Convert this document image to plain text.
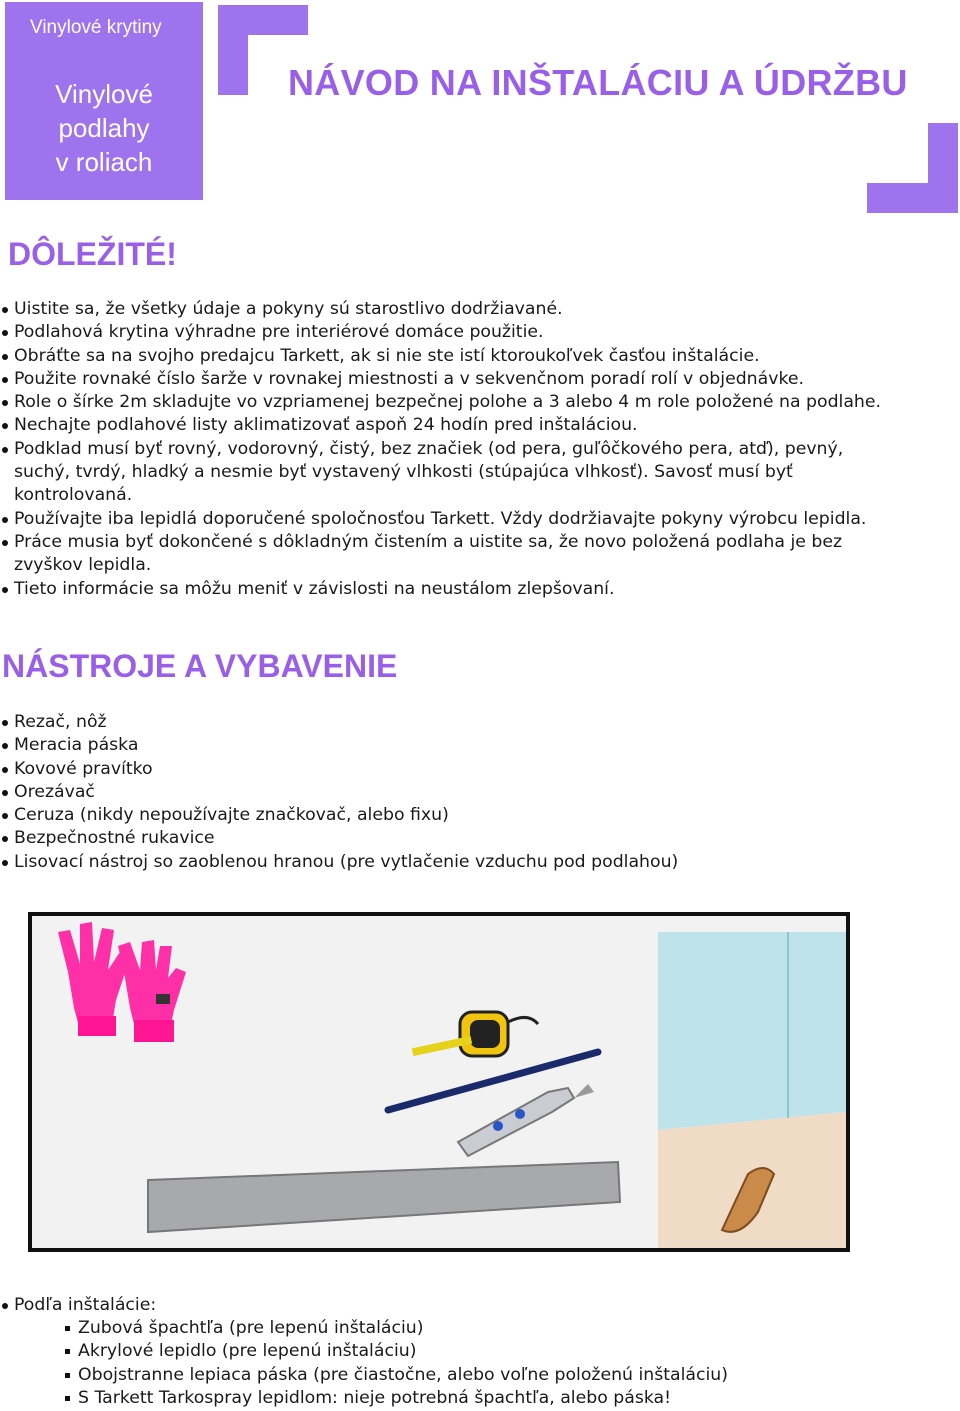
Vinylové krytiny
Vinylové
podlahy
v roliach
NÁVOD NA INŠTALÁCIU A ÚDRŽBU
DÔLEŽITÉ!
Uistite sa, že všetky údaje a pokyny sú starostlivo dodržiavané.
Podlahová krytina výhradne pre interiérové domáce použitie.
Obráťte sa na svojho predajcu Tarkett, ak si nie ste istí ktoroukoľvek časťou inštalácie.
Použite rovnaké číslo šarže v rovnakej miestnosti a v sekvenčnom poradí rolí v objednávke.
Role o šírke 2m skladujte vo vzpriamenej bezpečnej polohe a 3 alebo 4 m role položené na podlahe.
Nechajte podlahové listy aklimatizovať aspoň 24 hodín pred inštaláciou.
Podklad musí byť rovný, vodorovný, čistý, bez značiek (od pera, guľôčkového pera, atď), pevný, suchý, tvrdý, hladký a nesmie byť vystavený vlhkosti (stúpajúca vlhkosť). Savosť musí byť kontrolovaná.
Používajte iba lepidlá doporučené spoločnosťou Tarkett. Vždy dodržiavajte pokyny výrobcu lepidla.
Práce musia byť dokončené s dôkladným čistením a uistite sa, že novo položená podlaha je bez zvyškov lepidla.
Tieto informácie sa môžu meniť v závislosti na neustálom zlepšovaní.
NÁSTROJE A VYBAVENIE
Rezač, nôž
Meracia páska
Kovové pravítko
Orezávač
Ceruza (nikdy nepoužívajte značkovač, alebo fixu)
Bezpečnostné rukavice
Lisovací nástroj so zaoblenou hranou (pre vytlačenie vzduchu pod podlahou)
Podľa inštalácie:
Zubová špachtľa (pre lepenú inštaláciu)
Akrylové lepidlo (pre lepenú inštaláciu)
Obojstranne lepiaca páska (pre čiastočne, alebo voľne položenú inštaláciu)
S Tarkett Tarkospray lepidlom: nieje potrebná špachtľa, alebo páska!
